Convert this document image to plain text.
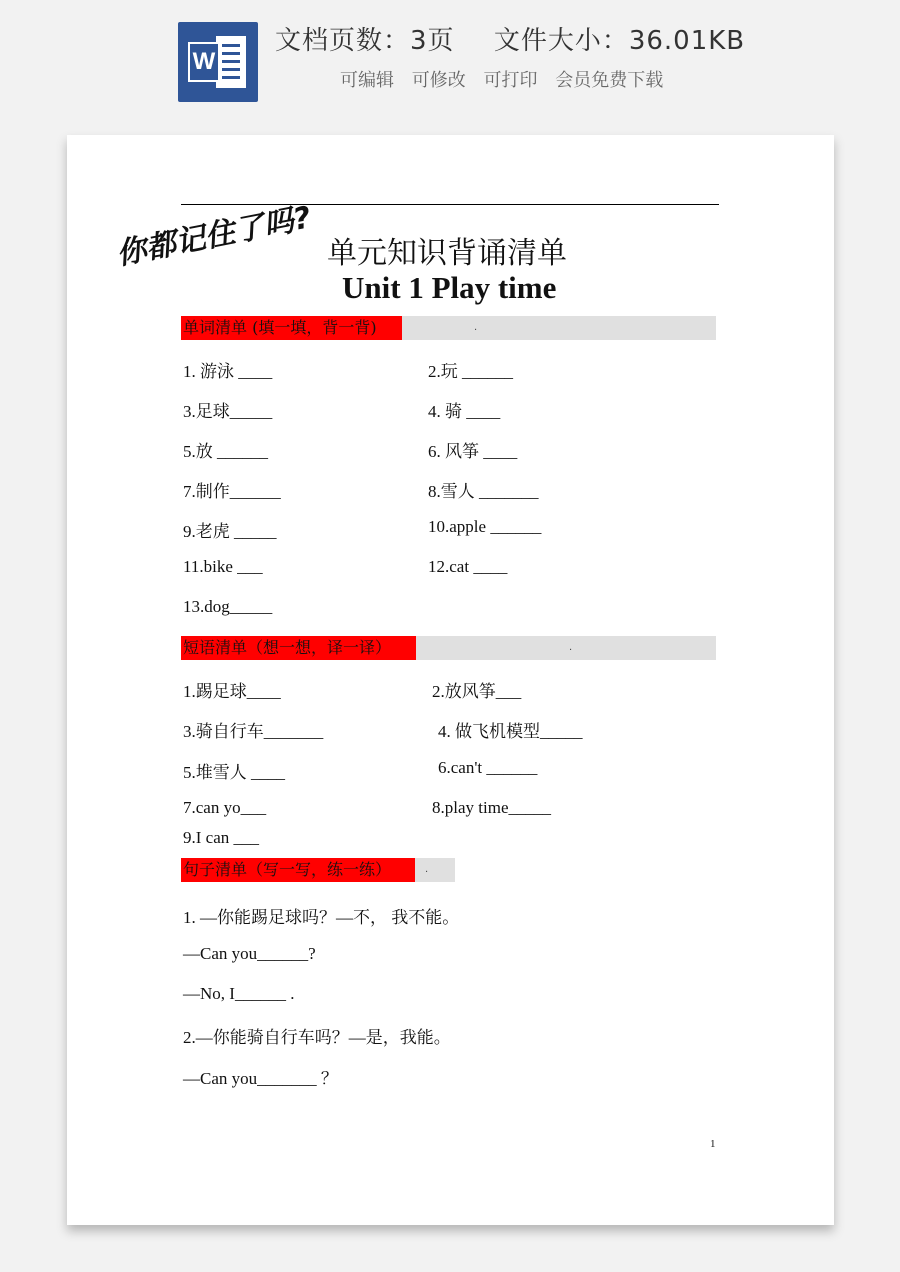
W
文档页数：3页 文件大小：36.01KB
可编辑 可修改 可打印 会员免费下载
你都记住了吗? 单元知识背诵清单
Unit 1 Play time
单词清单 (填一填，背一背)	.
1. 游泳 ____	2.玩 ______
3.足球_____	4. 骑 ____
5.放 ______	6. 风筝 ____
7.制作______	8.雪人 _______
9.老虎 _____	10.apple ______
11.bike ___	12.cat ____
13.dog_____
短语清单（想一想，译一译）	.
1.踢足球____	2.放风筝___
3.骑自行车_______	4. 做飞机模型_____
5.堆雪人 ____	6.can't ______
7.can yo___	8.play time_____
9.I can ___
句子清单（写一写，练一练）	.
1. —你能踢足球吗？—不， 我不能。
—Can you______?
—No, I______ .
2.—你能骑自行车吗？—是，我能。
—Can you_______ ？
1
